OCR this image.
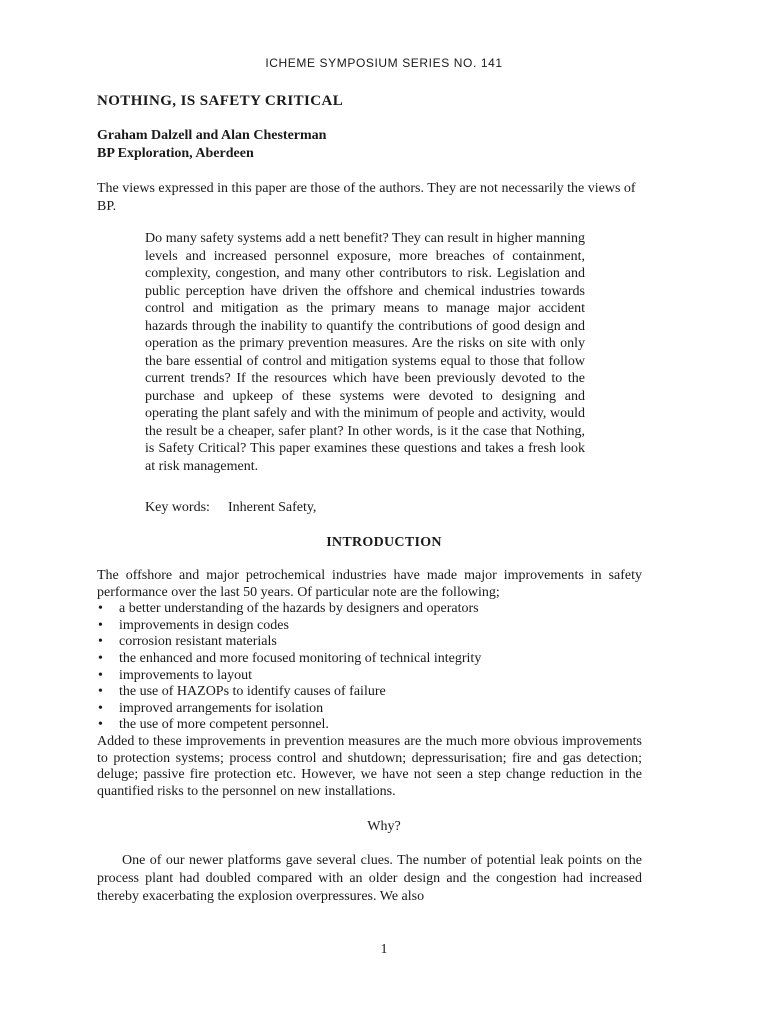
ICHEME SYMPOSIUM SERIES NO. 141
NOTHING, IS SAFETY CRITICAL
Graham Dalzell and Alan Chesterman
BP Exploration, Aberdeen
The views expressed in this paper are those of the authors. They are not necessarily the views of BP.

Do many safety systems add a nett benefit? They can result in higher manning levels and increased personnel exposure, more breaches of containment, complexity, congestion, and many other contributors to risk. Legislation and public perception have driven the offshore and chemical industries towards control and mitigation as the primary means to manage major accident hazards through the inability to quantify the contributions of good design and operation as the primary prevention measures. Are the risks on site with only the bare essential of control and mitigation systems equal to those that follow current trends? If the resources which have been previously devoted to the purchase and upkeep of these systems were devoted to designing and operating the plant safely and with the minimum of people and activity, would the result be a cheaper, safer plant? In other words, is it the case that Nothing, is Safety Critical? This paper examines these questions and takes a fresh look at risk management.

Key words: Inherent Safety,
INTRODUCTION

The offshore and major petrochemical industries have made major improvements in safety performance over the last 50 years. Of particular note are the following;

• a better understanding of the hazards by designers and operators
• improvements in design codes
• corrosion resistant materials
• the enhanced and more focused monitoring of technical integrity
• improvements to layout
• the use of HAZOPs to identify causes of failure
• improved arrangements for isolation
• the use of more competent personnel.

Added to these improvements in prevention measures are the much more obvious improvements to protection systems; process control and shutdown; depressurisation; fire and gas detection; deluge; passive fire protection etc. However, we have not seen a step change reduction in the quantified risks to the personnel on new installations.

Why?

One of our newer platforms gave several clues. The number of potential leak points on the process plant had doubled compared with an older design and the congestion had increased thereby exacerbating the explosion overpressures. We also

1
